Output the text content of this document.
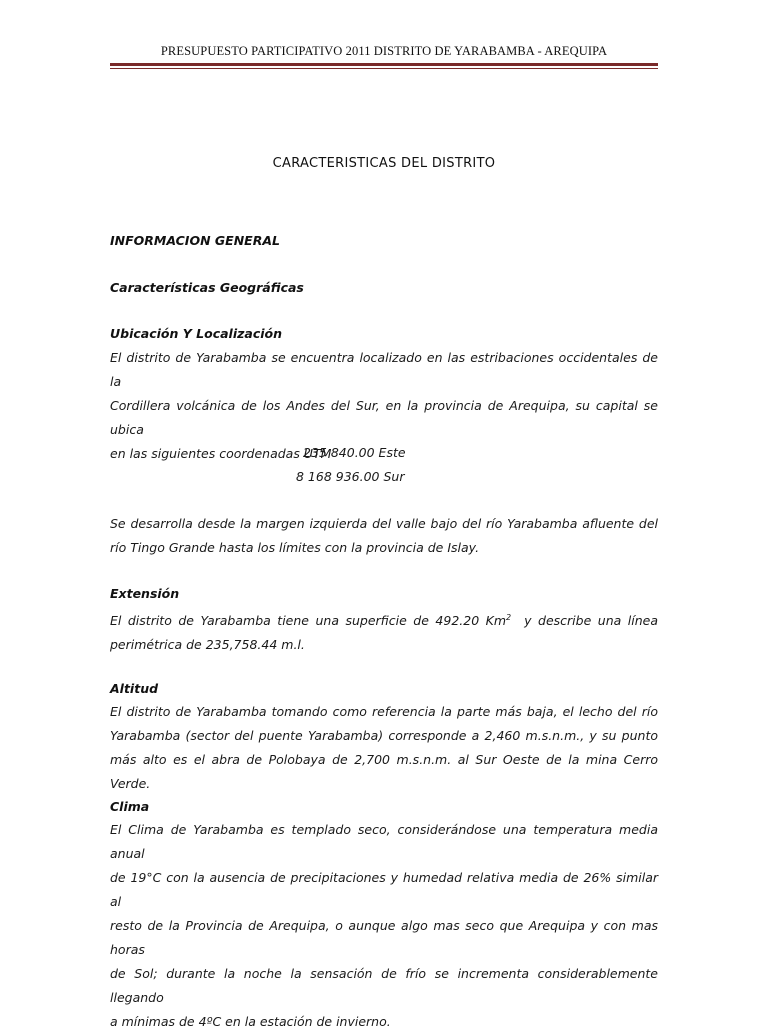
PRESUPUESTO PARTICIPATIVO 2011 DISTRITO DE YARABAMBA - AREQUIPA
CARACTERISTICAS DEL DISTRITO
INFORMACION GENERAL
Características Geográficas
Ubicación Y Localización
El distrito de Yarabamba se encuentra localizado en las estribaciones occidentales de la
Cordillera volcánica de los Andes del Sur, en la provincia de Arequipa, su capital se ubica
en las siguientes coordenadas UTM
235 840.00 Este
8 168 936.00 Sur
Se desarrolla desde la margen izquierda del valle bajo del río Yarabamba afluente del
río Tingo Grande hasta los límites con la provincia de Islay.
Extensión
El distrito de Yarabamba tiene una superficie de 492.20 Km$^2$  y describe una línea
perimétrica de 235,758.44 m.l.
Altitud
El distrito de Yarabamba tomando como referencia la parte más baja, el lecho del río
Yarabamba (sector del puente Yarabamba) corresponde a 2,460 m.s.n.m., y su punto
más alto es el abra de Polobaya de 2,700 m.s.n.m. al Sur Oeste de la mina Cerro Verde.
Clima
El Clima de Yarabamba es templado seco, considerándose una temperatura media anual
de 19°C con la ausencia de precipitaciones y humedad relativa media de 26% similar al
resto de la Provincia de Arequipa, o aunque algo mas seco que Arequipa y con mas horas
de Sol; durante la noche la sensación de frío se incrementa considerablemente llegando
a mínimas de 4ºC en la estación de invierno.
